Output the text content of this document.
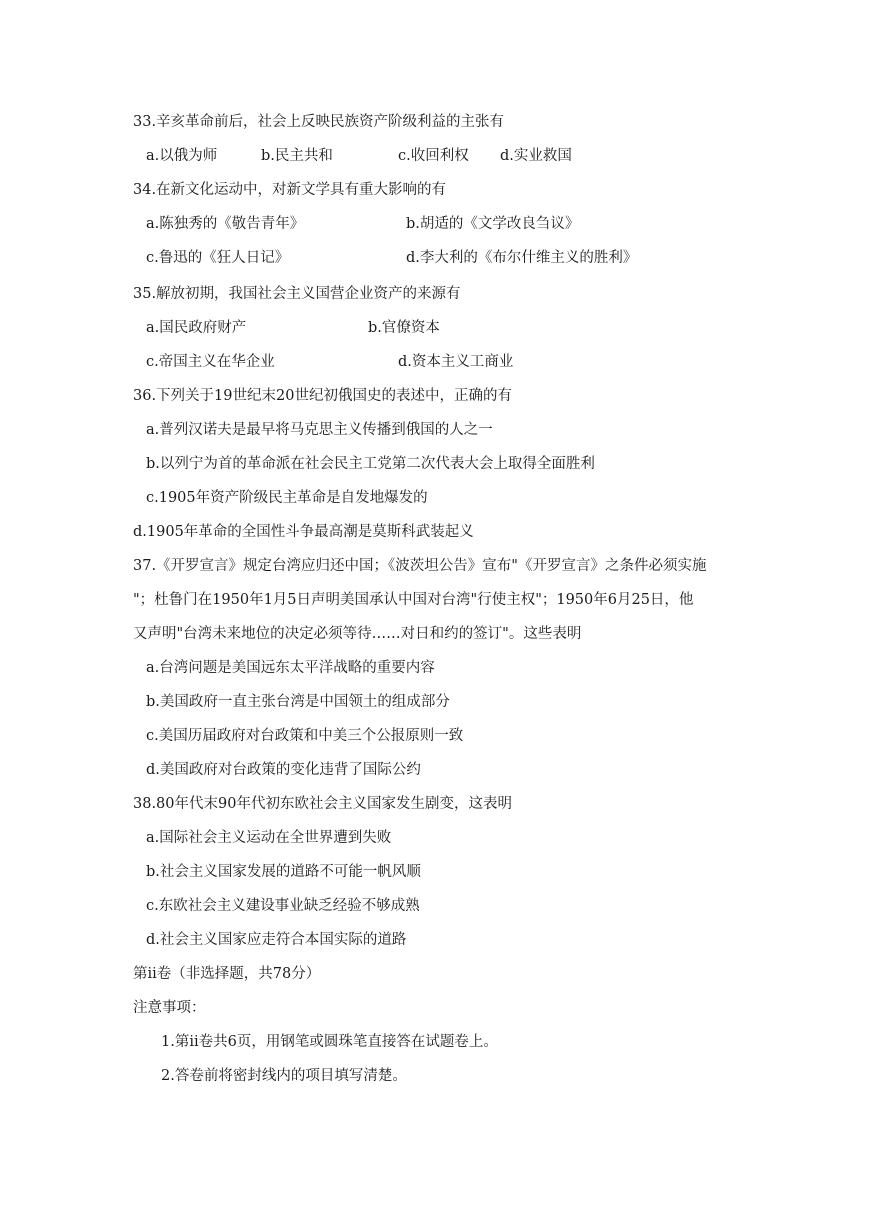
33.辛亥革命前后，社会上反映民族资产阶级利益的主张有
a.以俄为师	b.民主共和	c.收回利权 d.实业救国
34.在新文化运动中，对新文学具有重大影响的有
a.陈独秀的《敬告青年》	b.胡适的《文学改良刍议》
c.鲁迅的《狂人日记》	d.李大利的《布尔什维主义的胜利》
35.解放初期，我国社会主义国营企业资产的来源有
a.国民政府财产	b.官僚资本
c.帝国主义在华企业	d.资本主义工商业
36.下列关于19世纪末20世纪初俄国史的表述中，正确的有
a.普列汉诺夫是最早将马克思主义传播到俄国的人之一
b.以列宁为首的革命派在社会民主工党第二次代表大会上取得全面胜利
c.1905年资产阶级民主革命是自发地爆发的
d.1905年革命的全国性斗争最高潮是莫斯科武装起义
37.《开罗宣言》规定台湾应归还中国；《波茨坦公告》宣布"《开罗宣言》之条件必须实施
"；杜鲁门在1950年1月5日声明美国承认中国对台湾"行使主权"；1950年6月25日，他
又声明"台湾未来地位的决定必须等待……对日和约的签订"。这些表明
a.台湾问题是美国远东太平洋战略的重要内容
b.美国政府一直主张台湾是中国领土的组成部分
c.美国历届政府对台政策和中美三个公报原则一致
d.美国政府对台政策的变化违背了国际公约
38.80年代末90年代初东欧社会主义国家发生剧变，这表明
a.国际社会主义运动在全世界遭到失败
b.社会主义国家发展的道路不可能一帆风顺
c.东欧社会主义建设事业缺乏经验不够成熟
d.社会主义国家应走符合本国实际的道路
第ii卷（非选择题，共78分）
注意事项：
1.第ii卷共6页，用钢笔或圆珠笔直接答在试题卷上。
2.答卷前将密封线内的项目填写清楚。
